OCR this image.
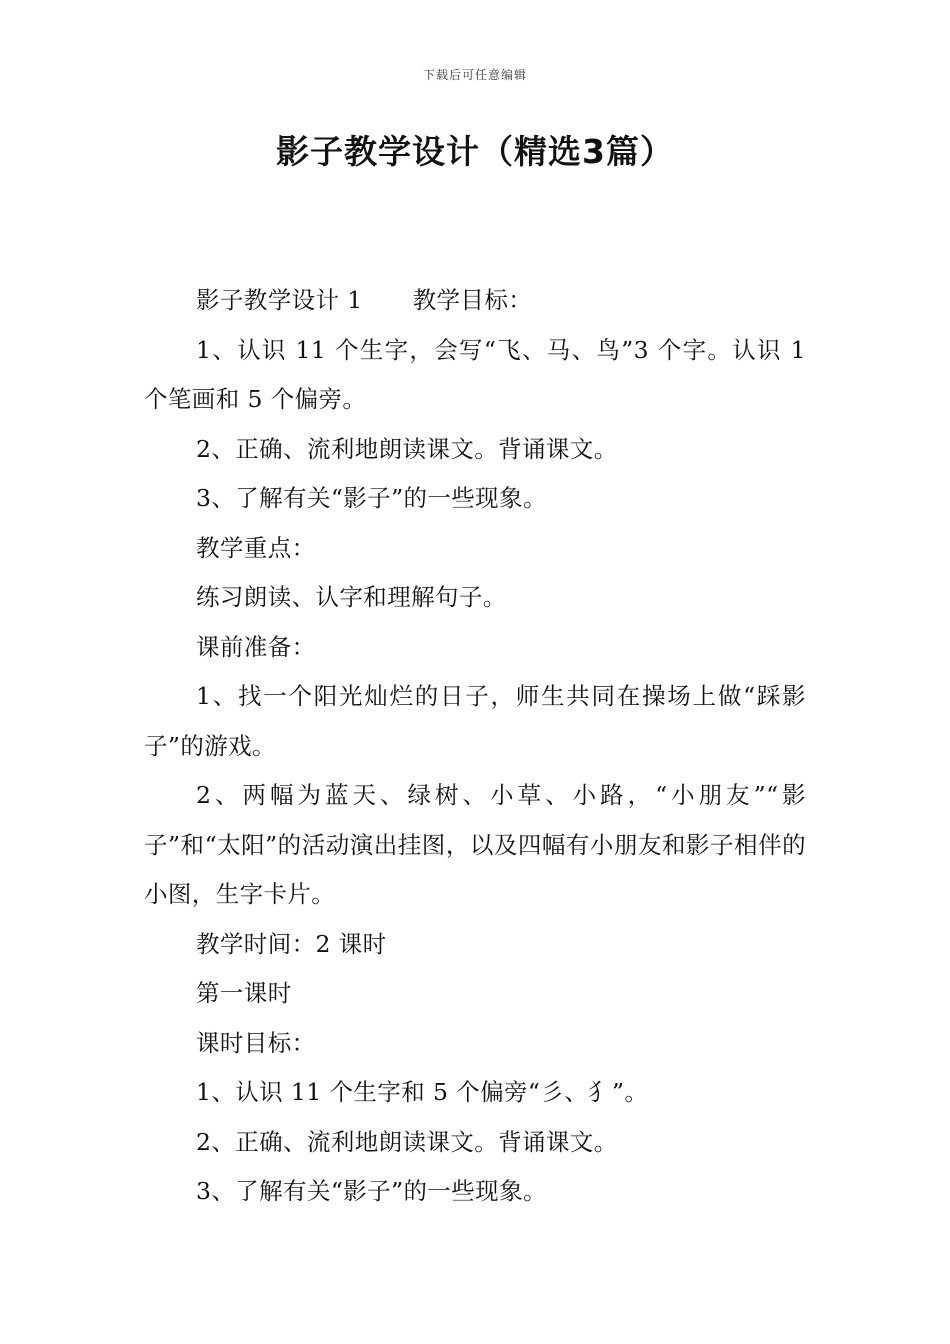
下载后可任意编辑
影子教学设计（精选3篇）

影子教学设计 1 教学目标：

1、认识 11 个生字，会写“飞、马、鸟”3 个字。认识 1 个笔画和 5 个偏旁。

2、正确、流利地朗读课文。背诵课文。

3、了解有关“影子”的一些现象。

教学重点：

练习朗读、认字和理解句子。

课前准备：

1、找一个阳光灿烂的日子，师生共同在操场上做“踩影子”的游戏。

2、两幅为蓝天、绿树、小草、小路，“小朋友”“影子”和“太阳”的活动演出挂图，以及四幅有小朋友和影子相伴的小图，生字卡片。

教学时间：2 课时

第一课时

课时目标：

1、认识 11 个生字和 5 个偏旁“彡、犭”。

2、正确、流利地朗读课文。背诵课文。

3、了解有关“影子”的一些现象。
